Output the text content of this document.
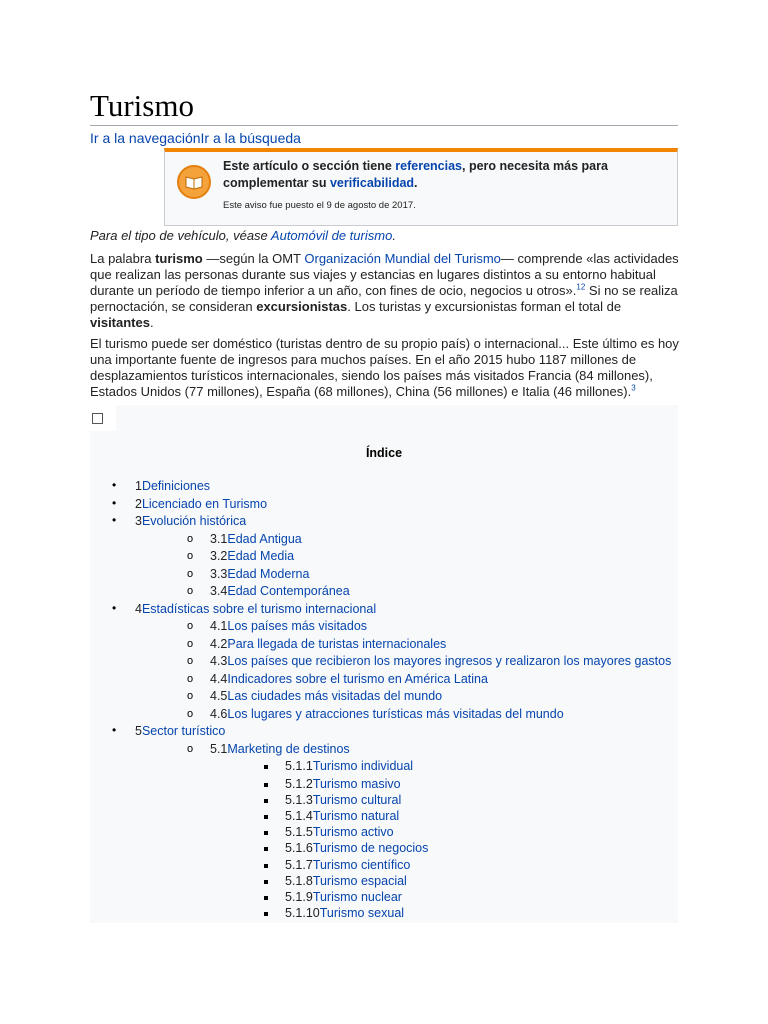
Turismo
Ir a la navegaciónIr a la búsqueda
Este artículo o sección tiene referencias, pero necesita más para complementar su verificabilidad.
Este aviso fue puesto el 9 de agosto de 2017.
Para el tipo de vehículo, véase Automóvil de turismo.

La palabra turismo —según la OMT Organización Mundial del Turismo— comprende «las actividades que realizan las personas durante sus viajes y estancias en lugares distintos a su entorno habitual durante un período de tiempo inferior a un año, con fines de ocio, negocios u otros».$^{12}$ Si no se realiza pernoctación, se consideran excursionistas. Los turistas y excursionistas forman el total de visitantes.

El turismo puede ser doméstico (turistas dentro de su propio país) o internacional... Este último es hoy una importante fuente de ingresos para muchos países. En el año 2015 hubo 1187 millones de desplazamientos turísticos internacionales, siendo los países más visitados Francia (84 millones), Estados Unidos (77 millones), España (68 millones), China (56 millones) e Italia (46 millones).$^3$

Índice
• 1Definiciones
• 2Licenciado en Turismo
• 3Evolución histórica
o 3.1Edad Antigua
o 3.2Edad Media
o 3.3Edad Moderna
o 3.4Edad Contemporánea
• 4Estadísticas sobre el turismo internacional
o 4.1Los países más visitados
o 4.2Para llegada de turistas internacionales
o 4.3Los países que recibieron los mayores ingresos y realizaron los mayores gastos
o 4.4Indicadores sobre el turismo en América Latina
o 4.5Las ciudades más visitadas del mundo
o 4.6Los lugares y atracciones turísticas más visitadas del mundo
• 5Sector turístico
o 5.1Marketing de destinos
5.1.1Turismo individual
5.1.2Turismo masivo
5.1.3Turismo cultural
5.1.4Turismo natural
5.1.5Turismo activo
5.1.6Turismo de negocios
5.1.7Turismo científico
5.1.8Turismo espacial
5.1.9Turismo nuclear
5.1.10Turismo sexual
